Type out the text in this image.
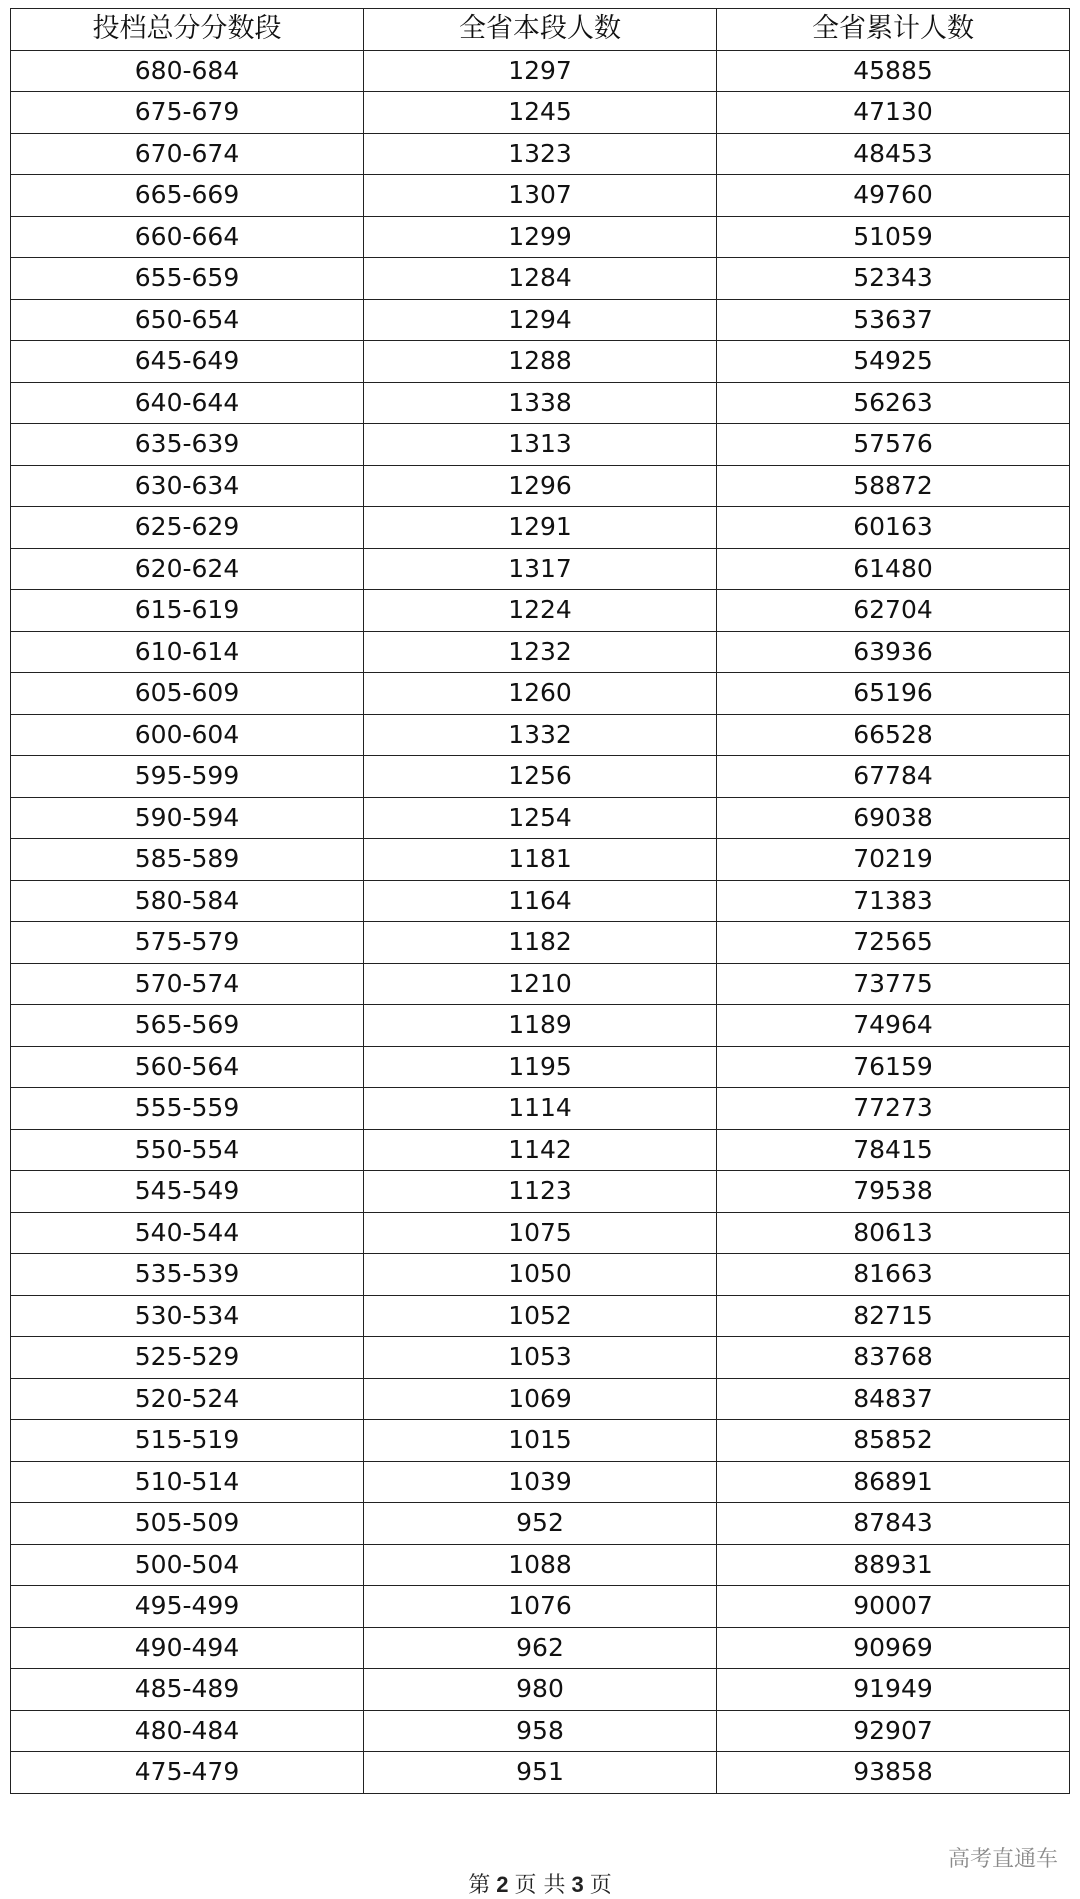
投档总分分数段	全省本段人数	全省累计人数
680-684	1297	45885
675-679	1245	47130
670-674	1323	48453
665-669	1307	49760
660-664	1299	51059
655-659	1284	52343
650-654	1294	53637
645-649	1288	54925
640-644	1338	56263
635-639	1313	57576
630-634	1296	58872
625-629	1291	60163
620-624	1317	61480
615-619	1224	62704
610-614	1232	63936
605-609	1260	65196
600-604	1332	66528
595-599	1256	67784
590-594	1254	69038
585-589	1181	70219
580-584	1164	71383
575-579	1182	72565
570-574	1210	73775
565-569	1189	74964
560-564	1195	76159
555-559	1114	77273
550-554	1142	78415
545-549	1123	79538
540-544	1075	80613
535-539	1050	81663
530-534	1052	82715
525-529	1053	83768
520-524	1069	84837
515-519	1015	85852
510-514	1039	86891
505-509	952	87843
500-504	1088	88931
495-499	1076	90007
490-494	962	90969
485-489	980	91949
480-484	958	92907
475-479	951	93858
第 2 页 共 3 页
高考直通车
